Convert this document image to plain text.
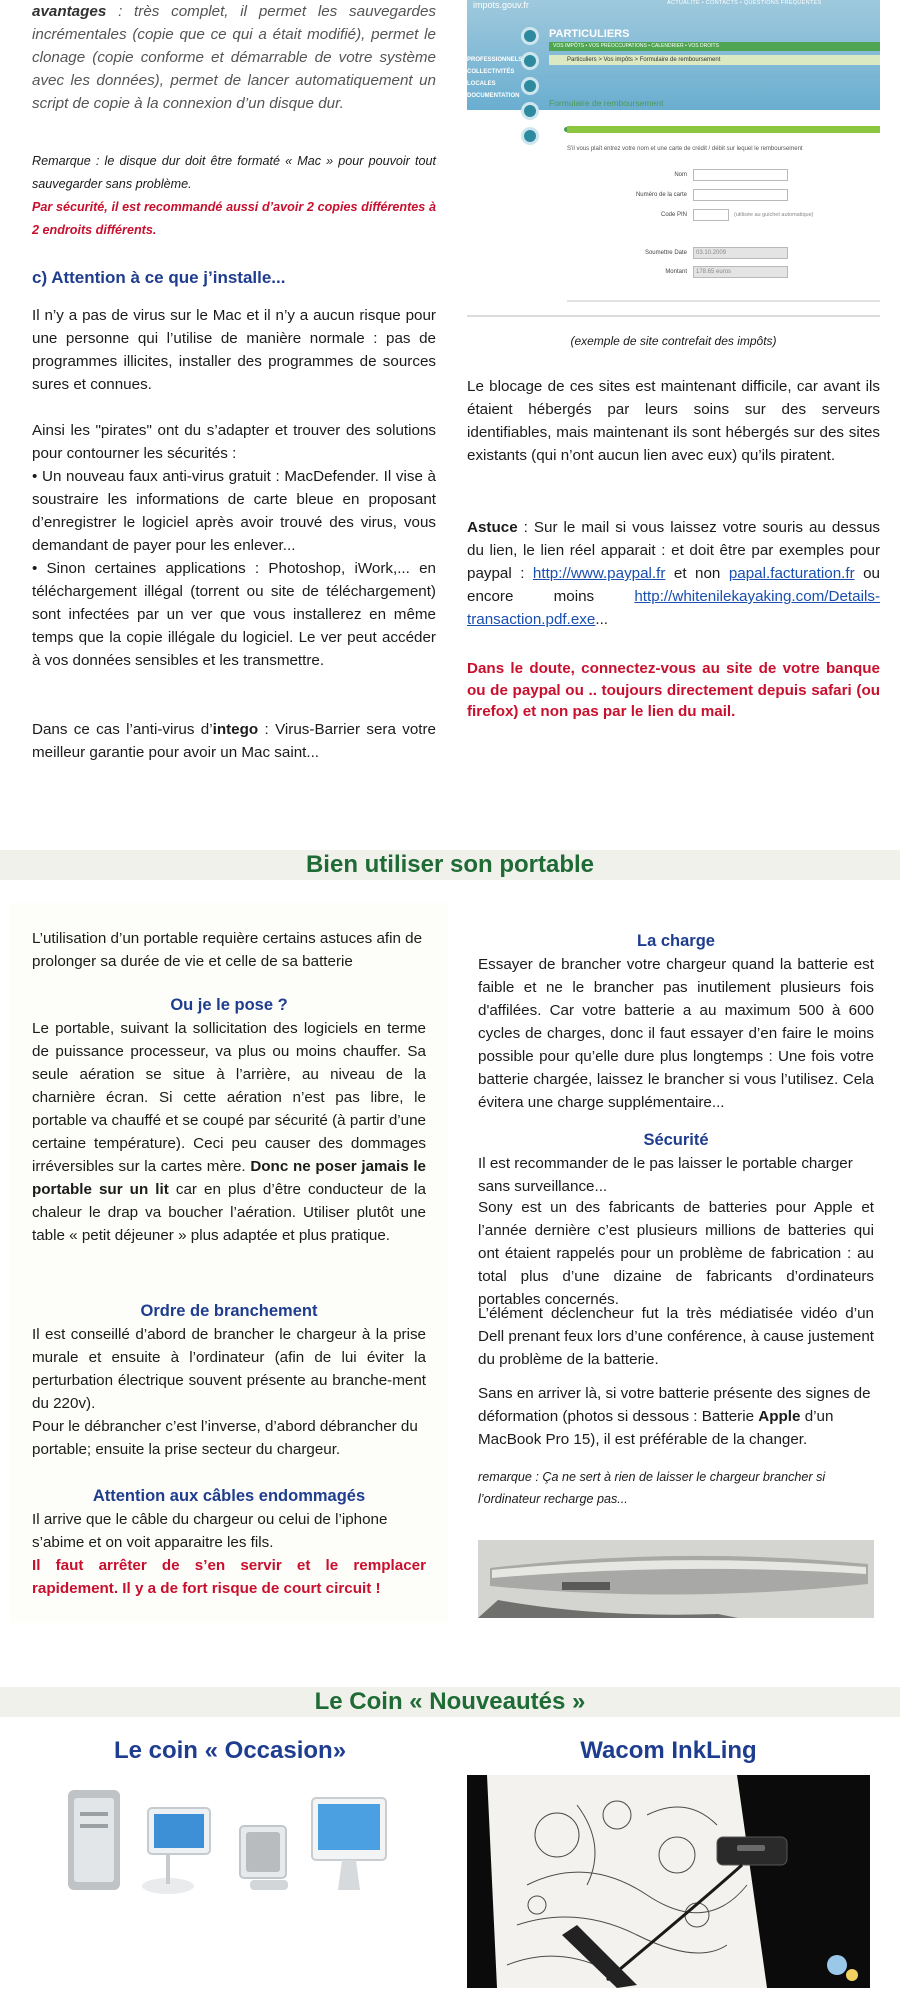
avantages : très complet, il permet les sauvegardes incrémentales (copie que ce qui a était modifié), permet le clonage (copie conforme et démarrable de votre système avec les données), permet de lancer automatiquement un script de copie à la connexion d’un disque dur.
Remarque : le disque dur doit être formaté « Mac » pour pouvoir tout sauvegarder sans problème.
Par sécurité, il est recommandé aussi d’avoir 2 copies différentes à 2 endroits différents.
c) Attention à ce que j’installe...
Il n’y a pas de virus sur le Mac et il n’y a aucun risque pour une personne qui l’utilise de manière normale : pas de programmes illicites, installer des programmes de sources sures et connues.
Ainsi les "pirates" ont du s’adapter et trouver des solutions pour contourner les sécurités :
• Un nouveau faux anti-virus gratuit : MacDefender. Il vise à soustraire les informations de carte bleue en proposant d’enregistrer le logiciel après avoir trouvé des virus, vous demandant de payer pour les enlever...
• Sinon certaines applications : Photoshop, iWork,... en téléchargement illégal (torrent ou site de téléchargement) sont infectées par un ver que vous installerez en même temps que la copie illégale du logiciel. Le ver peut accéder à vos données sensibles et les transmettre.
Dans ce cas l’anti-virus d’intego : Virus-Barrier sera votre meilleur garantie pour avoir un Mac saint...
impots.gouv.fr	ACTUALITÉ • CONTACTS • QUESTIONS FRÉQUENTES
PROFESSIONNELS
COLLECTIVITÉS
LOCALES
DOCUMENTATION
PARTICULIERS
VOS IMPÔTS • VOS PRÉOCCUPATIONS • CALENDRIER • VOS DROITS
Particuliers > Vos impôts > Formulaire de remboursement
Formulaire de remboursement
S'il vous plaît entrez votre nom et une carte de crédit / débit sur lequel le remboursement
Nom
Numéro de la carte
Code PIN	(utilisée au guichet automatique)
Soumettre Date	03.10.2009
Montant	178.65 euros
(exemple de site contrefait des impôts)
Le blocage de ces sites est maintenant difficile, car avant ils étaient hébergés par leurs soins sur des serveurs identifiables, mais maintenant ils sont hébergés sur des sites existants (qui n’ont aucun lien avec eux) qu’ils piratent.
Astuce : Sur le mail si vous laissez votre souris au dessus du lien, le lien réel apparait : et doit être par exemples pour paypal : http://www.paypal.fr et non papal.facturation.fr ou encore moins http://whitenilekayaking.com/Details-transaction.pdf.exe...
Dans le doute, connectez-vous au site de votre banque ou de paypal ou .. toujours directement depuis safari (ou firefox) et non pas par le lien du mail.
Bien utiliser son portable
L’utilisation d’un portable requière certains astuces afin de prolonger sa durée de vie et celle de sa batterie
Ou je le pose ?
Le portable, suivant la sollicitation des logiciels en terme de puissance processeur, va plus ou moins chauffer. Sa seule aération se situe à l’arrière, au niveau de la charnière écran. Si cette aération n’est pas libre, le portable va chauffé et se coupé par sécurité (à partir d’une certaine température). Ceci peu causer des dommages irréversibles sur la cartes mère. Donc ne poser jamais le portable sur un lit car en plus d’être conducteur de la chaleur le drap va boucher l’aération. Utiliser plutôt une table « petit déjeuner » plus adaptée et plus pratique.
Ordre de branchement
Il est conseillé d’abord de brancher le chargeur à la prise murale et ensuite à l’ordinateur (afin de lui éviter la perturbation électrique souvent présente au branche-ment du 220v).
Pour le débrancher c’est l’inverse, d’abord débrancher du portable; ensuite la prise secteur du chargeur.
Attention aux câbles endommagés
Il arrive que le câble du chargeur ou celui de l’iphone s’abime et on voit apparaitre les fils.
Il faut arrêter de s’en servir et le remplacer rapidement. Il y a de fort risque de court circuit !
La charge
Essayer de brancher votre chargeur quand la batterie est faible et ne le brancher pas inutilement plusieurs fois d'affilées. Car votre batterie a au maximum 500 à 600 cycles de charges, donc il faut essayer d’en faire le moins possible pour qu’elle dure plus longtemps : Une fois votre batterie chargée, laissez le brancher si vous l’utilisez. Cela évitera une charge supplémentaire...
Sécurité
Il est recommander de le pas laisser le portable charger sans surveillance...
Sony est un des fabricants de batteries pour Apple et l’année dernière c’est plusieurs millions de batteries qui ont étaient rappelés pour un problème de fabrication : au total plus d’une dizaine de fabricants d’ordinateurs portables concernés.
L’élément déclencheur fut la très médiatisée vidéo d’un Dell prenant feux lors d’une conférence, à cause justement du problème de la batterie.
Sans en arriver là, si votre batterie présente des signes de déformation (photos si dessous : Batterie Apple d’un MacBook Pro 15), il est préférable de la changer.
remarque : Ça ne sert à rien de laisser le chargeur brancher si l’ordinateur recharge pas...
Le Coin « Nouveautés »
Le coin « Occasion»	Wacom InkLing
